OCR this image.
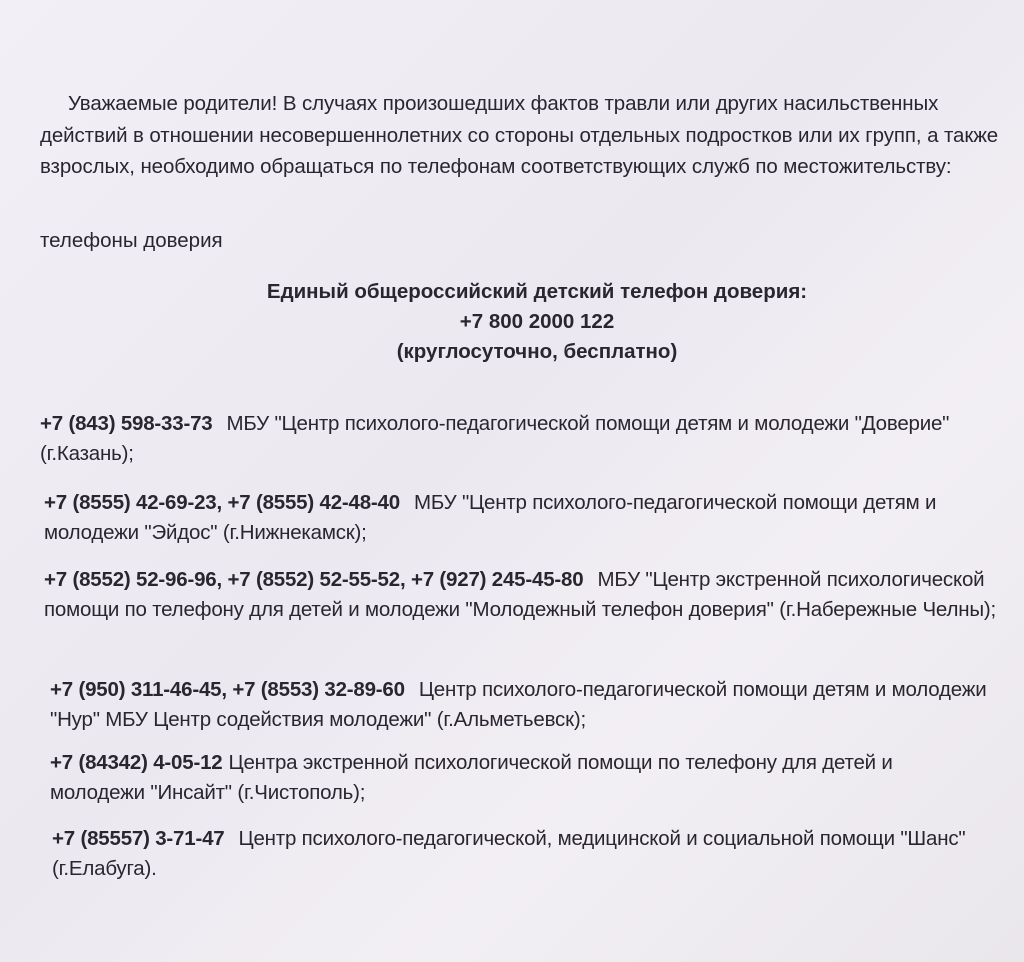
Уважаемые родители! В случаях произошедших фактов травли или других насильственных действий в отношении несовершеннолетних со стороны отдельных подростков или их групп, а также взрослых, необходимо обращаться по телефонам соответствующих служб по местожительству:

телефоны доверия
Единый общероссийский детский телефон доверия:
+7 800 2000 122
(круглосуточно, бесплатно)
+7 (843) 598-33-73 МБУ "Центр психолого-педагогической помощи детям и молодежи "Доверие" (г.Казань);
+7 (8555) 42-69-23, +7 (8555) 42-48-40 МБУ "Центр психолого-педагогической помощи детям и молодежи "Эйдос" (г.Нижнекамск);
+7 (8552) 52-96-96, +7 (8552) 52-55-52, +7 (927) 245-45-80 МБУ "Центр экстренной психологической помощи по телефону для детей и молодежи "Молодежный телефон доверия" (г.Набережные Челны);
+7 (950) 311-46-45, +7 (8553) 32-89-60 Центр психолого-педагогической помощи детям и молодежи "Нур" МБУ Центр содействия молодежи" (г.Альметьевск);
+7 (84342) 4-05-12 Центра экстренной психологической помощи по телефону для детей и молодежи "Инсайт" (г.Чистополь);
+7 (85557) 3-71-47 Центр психолого-педагогической, медицинской и социальной помощи "Шанс" (г.Елабуга).
